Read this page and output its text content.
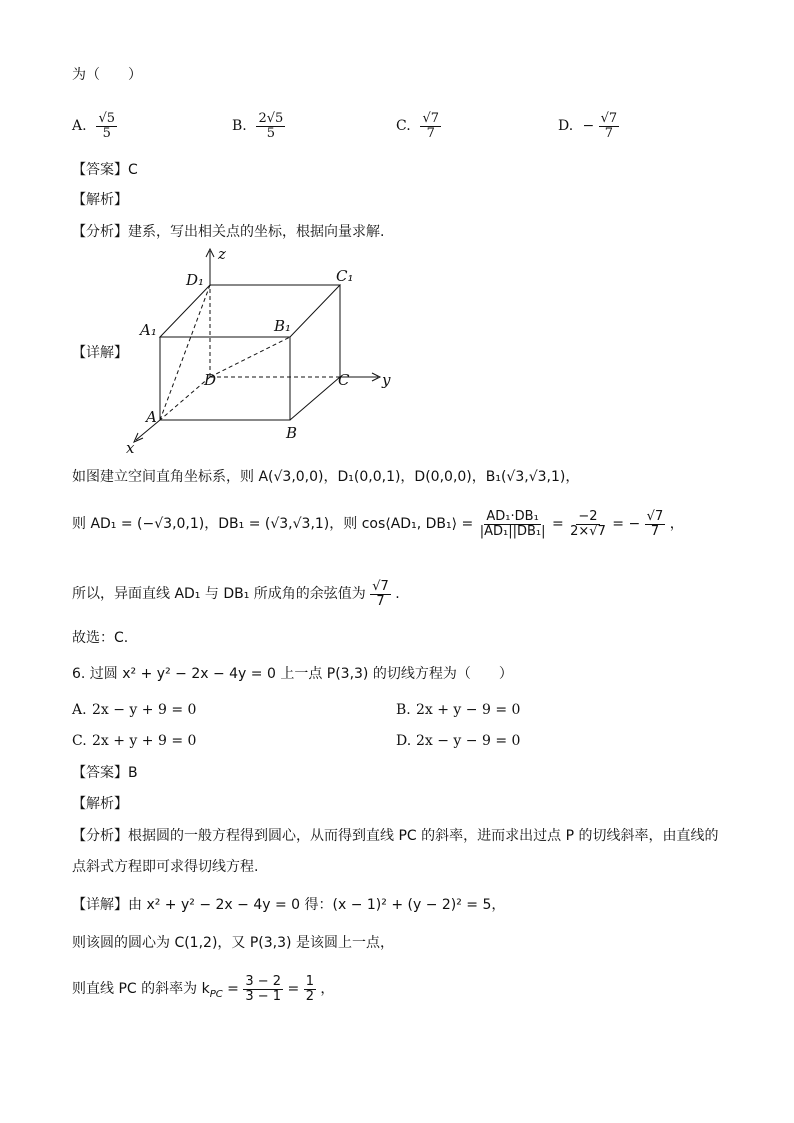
为（　　）
A. $\frac{√5}{5}$	B. $\frac{2√5}{5}$	C. $\frac{√7}{7}$	D. − $\frac{√7}{7}$
【答案】C
【解析】
【分析】建系，写出相关点的坐标，根据向量求解.
【详解】
z
y
x
D₁	C₁
A₁	B₁
D	C
A
B
如图建立空间直角坐标系，则 A(√3,0,0)，D₁(0,0,1)，D(0,0,0)，B₁(√3,√3,1)，
则 AD₁ = (−√3,0,1)，DB₁ = (√3,√3,1)，则 cos⟨AD₁, DB₁⟩ = $\frac{\text{AD₁·DB₁}}{\text{|AD₁||DB₁|}} = \frac{-2}{2\times√7}$ = − $\frac{√7}{7}$ ，
所以，异面直线 AD₁ 与 DB₁ 所成角的余弦值为 $\frac{√7}{7}$ .
故选：C.
6. 过圆 x² + y² − 2x − 4y = 0 上一点 P(3,3) 的切线方程为（　　）
A. 2x − y + 9 = 0	B. 2x + y − 9 = 0
C. 2x + y + 9 = 0	D. 2x − y − 9 = 0
【答案】B
【解析】
【分析】根据圆的一般方程得到圆心，从而得到直线 PC 的斜率，进而求出过点 P 的切线斜率，由直线的
点斜式方程即可求得切线方程.
【详解】由 x² + y² − 2x − 4y = 0 得：(x − 1)² + (y − 2)² = 5，
则该圆的圆心为 C(1,2)，又 P(3,3) 是该圆上一点，
则直线 PC 的斜率为 $k_{PC} = \frac{3 - 2}{3 - 1} = \frac{1}{2}$ ，
